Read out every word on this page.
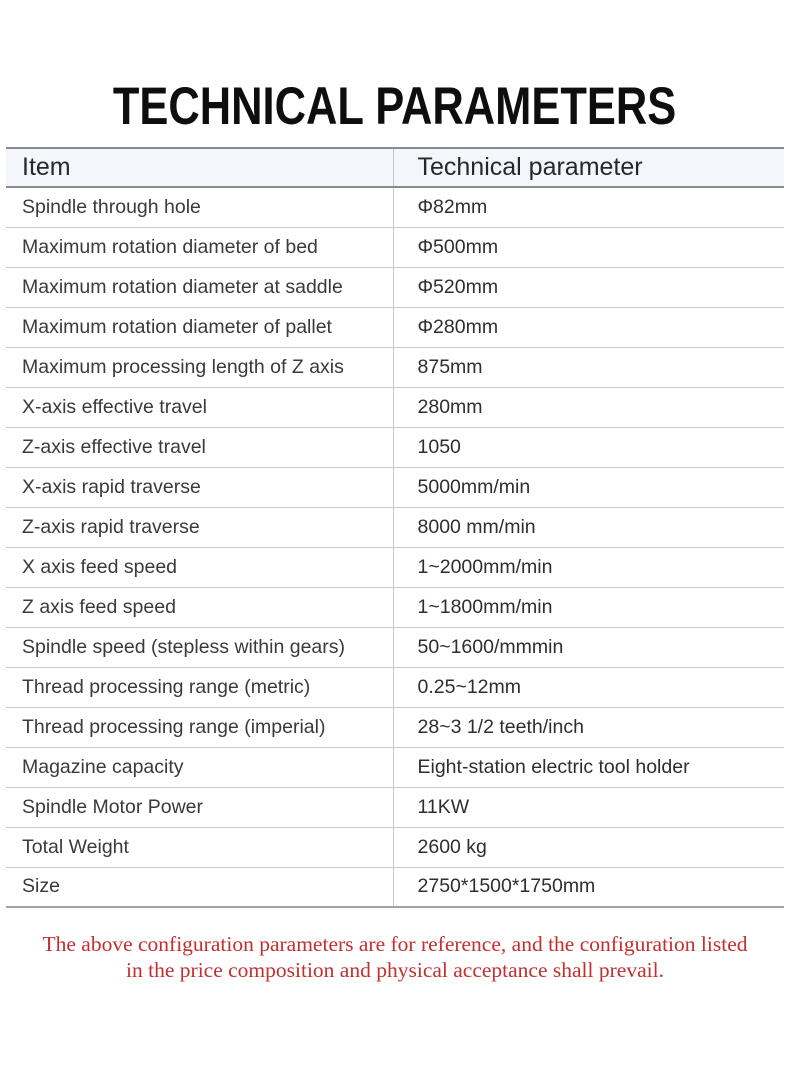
TECHNICAL PARAMETERS
Item	Technical parameter
Spindle through hole	Φ82mm
Maximum rotation diameter of bed	Φ500mm
Maximum rotation diameter at saddle	Φ520mm
Maximum rotation diameter of pallet	Φ280mm
Maximum processing length of Z axis	875mm
X-axis effective travel	280mm
Z-axis effective travel	1050
X-axis rapid traverse	5000mm/min
Z-axis rapid traverse	8000 mm/min
X axis feed speed	1~2000mm/min
Z axis feed speed	1~1800mm/min
Spindle speed (stepless within gears)	50~1600/mmmin
Thread processing range (metric)	0.25~12mm
Thread processing range (imperial)	28~3 1/2 teeth/inch
Magazine capacity	Eight-station electric tool holder
Spindle Motor Power	11KW
Total Weight	2600 kg
Size	2750*1500*1750mm

The above configuration parameters are for reference, and the configuration listed
in the price composition and physical acceptance shall prevail.
